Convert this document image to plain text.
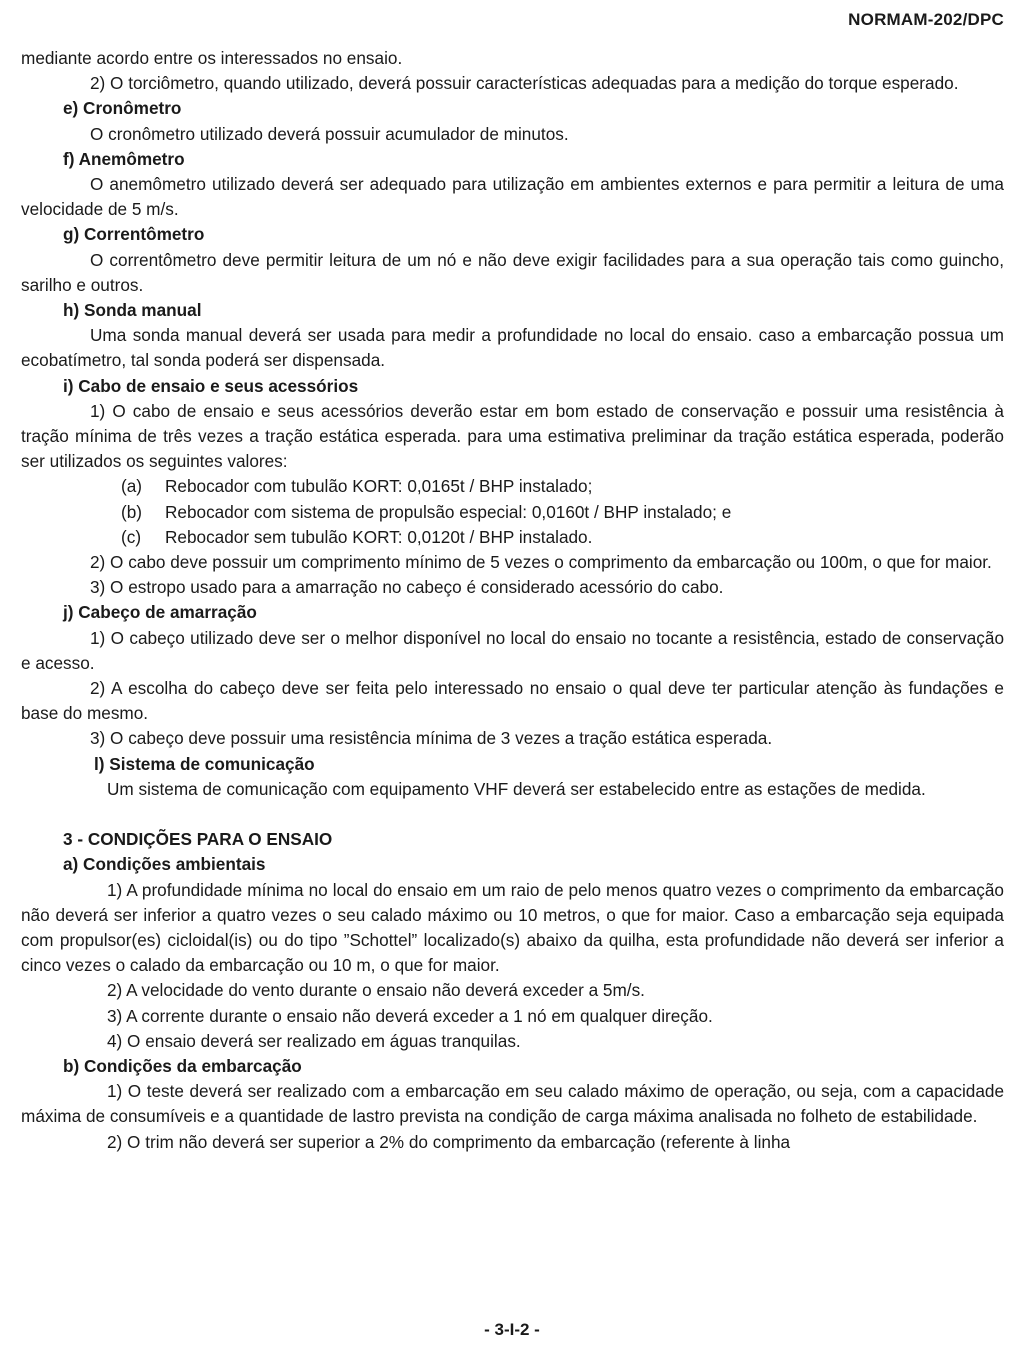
NORMAM-202/DPC

mediante acordo entre os interessados no ensaio.

2) O torciômetro, quando utilizado, deverá possuir características adequadas para a medição do torque esperado.

e) Cronômetro

O cronômetro utilizado deverá possuir acumulador de minutos.

f) Anemômetro

O anemômetro utilizado deverá ser adequado para utilização em ambientes externos e para permitir a leitura de uma velocidade de 5 m/s.

g) Correntômetro

O correntômetro deve permitir leitura de um nó e não deve exigir facilidades para a sua operação tais como guincho, sarilho e outros.

h) Sonda manual

Uma sonda manual deverá ser usada para medir a profundidade no local do ensaio. caso a embarcação possua um ecobatímetro, tal sonda poderá ser dispensada.

i) Cabo de ensaio e seus acessórios

1) O cabo de ensaio e seus acessórios deverão estar em bom estado de conservação e possuir uma resistência à tração mínima de três vezes a tração estática esperada. para uma estimativa preliminar da tração estática esperada, poderão ser utilizados os seguintes valores:

(a) Rebocador com tubulão KORT: 0,0165t / BHP instalado;

(b) Rebocador com sistema de propulsão especial: 0,0160t / BHP instalado; e

(c) Rebocador sem tubulão KORT: 0,0120t / BHP instalado.

2) O cabo deve possuir um comprimento mínimo de 5 vezes o comprimento da embarcação ou 100m, o que for maior.

3) O estropo usado para a amarração no cabeço é considerado acessório do cabo.

j) Cabeço de amarração

1) O cabeço utilizado deve ser o melhor disponível no local do ensaio no tocante a resistência, estado de conservação e acesso.

2) A escolha do cabeço deve ser feita pelo interessado no ensaio o qual deve ter particular atenção às fundações e base do mesmo.

3) O cabeço deve possuir uma resistência mínima de 3 vezes a tração estática esperada.

l) Sistema de comunicação

Um sistema de comunicação com equipamento VHF deverá ser estabelecido entre as estações de medida.

3 - CONDIÇÕES PARA O ENSAIO

a) Condições ambientais

1) A profundidade mínima no local do ensaio em um raio de pelo menos quatro vezes o comprimento da embarcação não deverá ser inferior a quatro vezes o seu calado máximo ou 10 metros, o que for maior. Caso a embarcação seja equipada com propulsor(es) cicloidal(is) ou do tipo ”Schottel” localizado(s) abaixo da quilha, esta profundidade não deverá ser inferior a cinco vezes o calado da embarcação ou 10 m, o que for maior.

2) A velocidade do vento durante o ensaio não deverá exceder a 5m/s.

3) A corrente durante o ensaio não deverá exceder a 1 nó em qualquer direção.

4) O ensaio deverá ser realizado em águas tranquilas.

b) Condições da embarcação

1) O teste deverá ser realizado com a embarcação em seu calado máximo de operação, ou seja, com a capacidade máxima de consumíveis e a quantidade de lastro prevista na condição de carga máxima analisada no folheto de estabilidade.

2) O trim não deverá ser superior a 2% do comprimento da embarcação (referente à linha

- 3-I-2 -
